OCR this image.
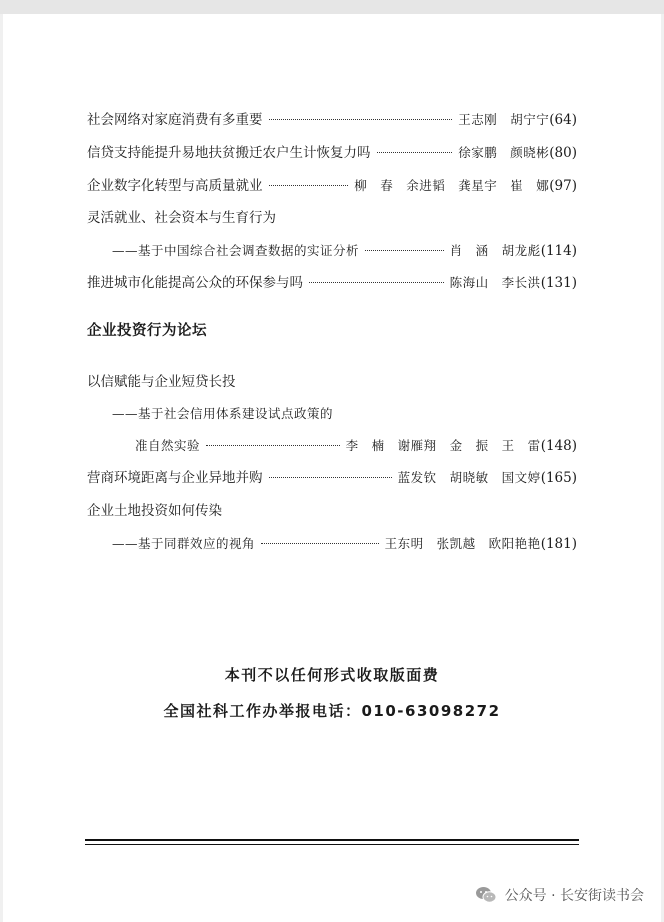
社会网络对家庭消费有多重要	王志刚　胡宁宁 (64)
信贷支持能提升易地扶贫搬迁农户生计恢复力吗	徐家鹏　颜晓彬 (80)
企业数字化转型与高质量就业	柳　春　余进韬　龚星宇　崔　娜 (97)
灵活就业、社会资本与生育行为
——基于中国综合社会调查数据的实证分析	肖　涵　胡龙彪 (114)
推进城市化能提高公众的环保参与吗	陈海山　李长洪 (131)
企业投资行为论坛
以信赋能与企业短贷长投
——基于社会信用体系建设试点政策的
准自然实验	李　楠　谢雁翔　金　振　王　雷 (148)
营商环境距离与企业异地并购	蓝发钦　胡晓敏　国文婷 (165)
企业土地投资如何传染
——基于同群效应的视角	王东明　张凯越　欧阳艳艳 (181)
本刊不以任何形式收取版面费
全国社科工作办举报电话：010-63098272
公众号 · 长安街读书会
